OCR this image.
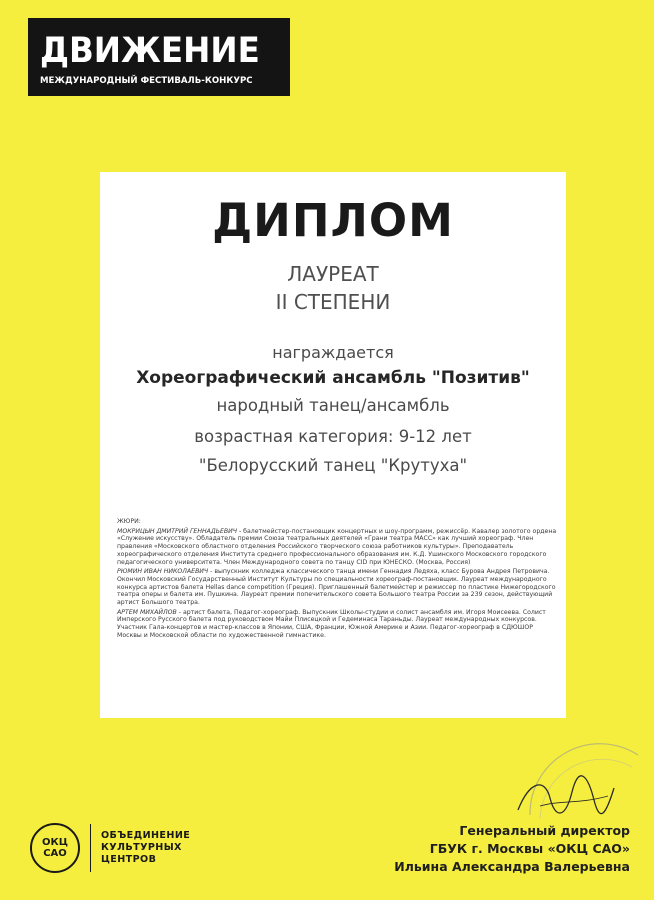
ДВИЖЕНИЕ
МЕЖДУНАРОДНЫЙ ФЕСТИВАЛЬ-КОНКУРС
ДИПЛОМ
ЛАУРЕАТ
II СТЕПЕНИ
награждается
Хореографический ансамбль "Позитив"
народный танец/ансамбль
возрастная категория: 9-12 лет
"Белорусский танец "Крутуха"
ЖЮРИ:

МОКРИЦЫН ДМИТРИЙ ГЕННАДЬЕВИЧ - балетмейстер-постановщик концертных и шоу-программ, режиссёр. Кавалер золотого ордена «Служение искусству». Обладатель премии Союза театральных деятелей «Грани театра МАСС» как лучший хореограф. Член правления «Московского областного отделения Российского творческого союза работников культуры». Преподаватель хореографического отделения Института среднего профессионального образования им. К.Д. Ушинского Московского городского педагогического университета. Член Международного совета по танцу CID при ЮНЕСКО. (Москва, Россия)

РЮМИН ИВАН НИКОЛАЕВИЧ - выпускник колледжа классического танца имени Геннадия Ледяха, класс Бурова Андрея Петровича. Окончил Московский Государственный Институт Культуры по специальности хореограф-постановщик. Лауреат международного конкурса артистов балета Hellas dance competition (Греция). Приглашенный балетмейстер и режиссер по пластике Нижегородского театра оперы и балета им. Пушкина. Лауреат премии попечительского совета Большого театра России за 239 сезон, действующий артист Большого театра.

АРТЕМ МИХАЙЛОВ - артист балета, Педагог-хореограф. Выпускник Школы-студии и солист ансамбля им. Игоря Моисеева. Солист Имперского Русского балета под руководством Майи Плисецкой и Гедеминаса Тараньды. Лауреат международных конкурсов. Участник Гала-концертов и мастер-классов в Японии, США, Франции, Южной Америке и Азии. Педагог-хореограф в СДЮШОР Москвы и Московской области по художественной гимнастике.

ОКЦ
САО
ОБЪЕДИНЕНИЕ
КУЛЬТУРНЫХ
ЦЕНТРОВ
Генеральный директор
ГБУК г. Москвы «ОКЦ САО»
Ильина Александра Валерьевна
